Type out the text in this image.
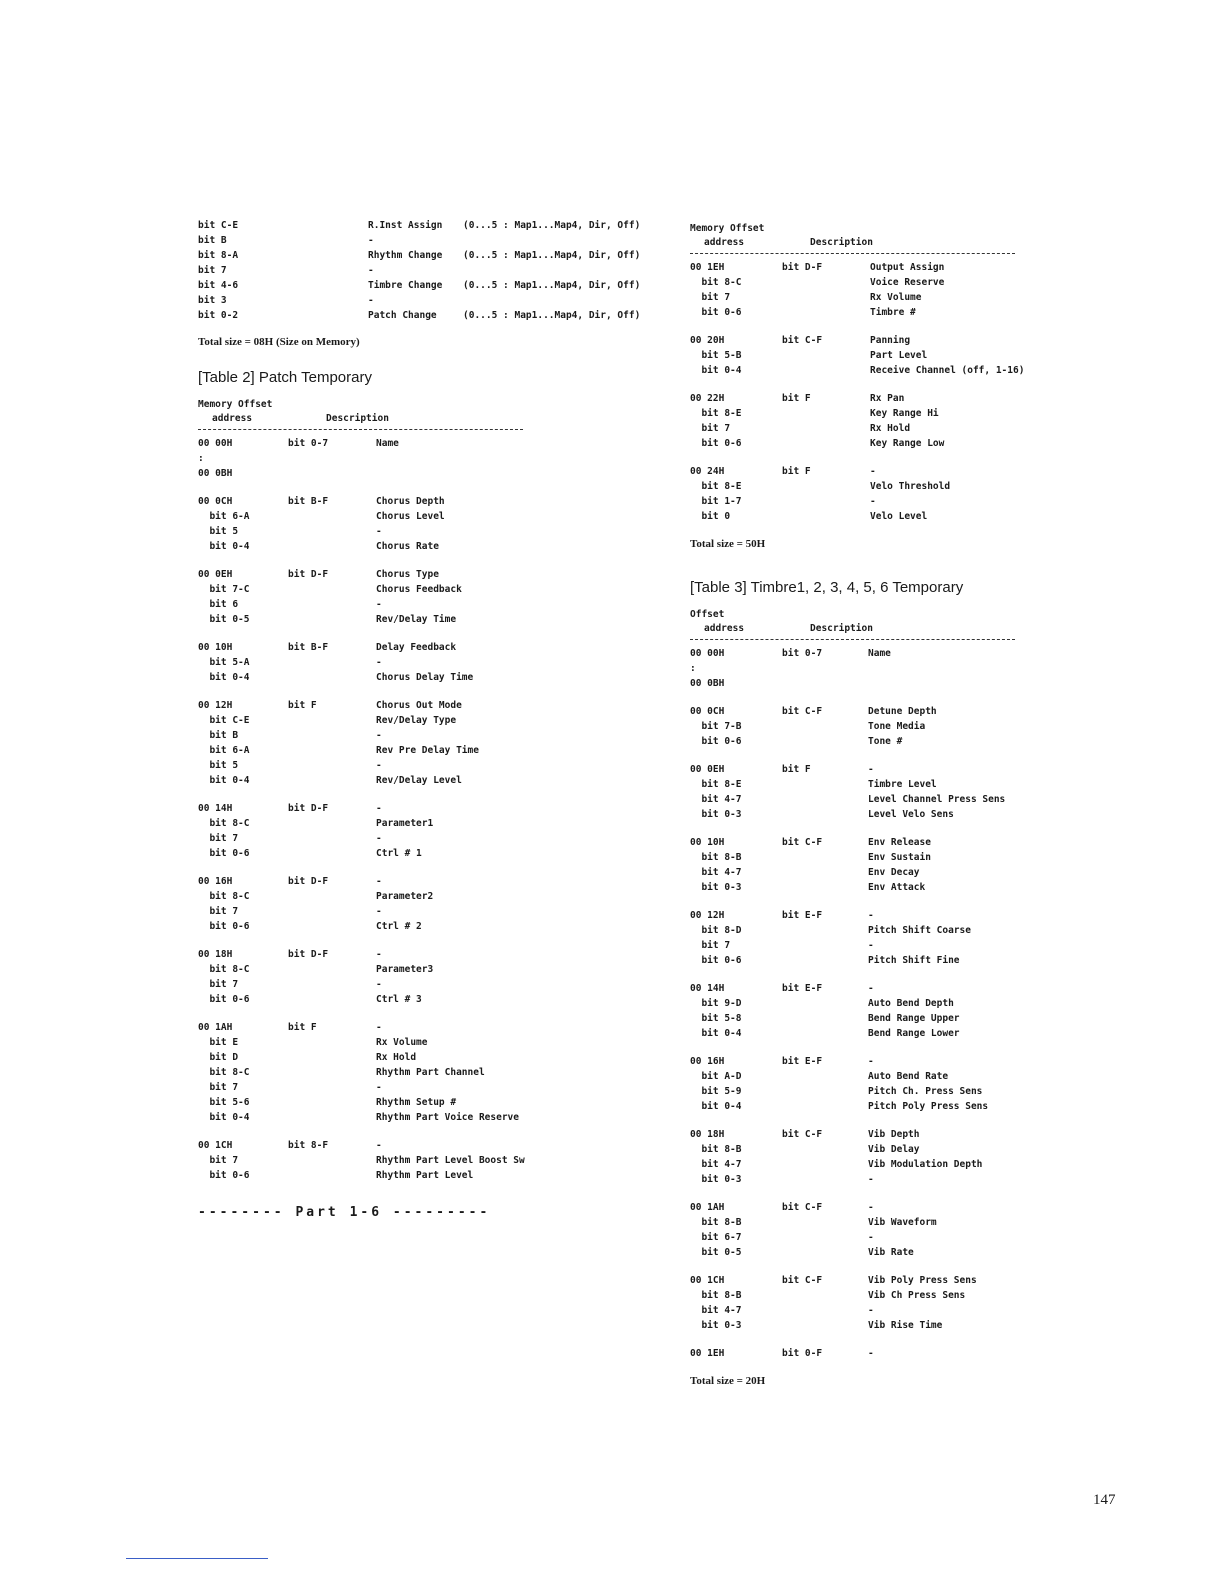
bit C-E	R.Inst Assign	(0...5 : Map1...Map4, Dir, Off)
bit B	-
bit 8-A	Rhythm Change	(0...5 : Map1...Map4, Dir, Off)
bit 7	-
bit 4-6	Timbre Change	(0...5 : Map1...Map4, Dir, Off)
bit 3	-
bit 0-2	Patch Change	(0...5 : Map1...Map4, Dir, Off)
Total size = 08H (Size on Memory)
[Table 2] Patch Temporary
Memory Offset
address	Description
00 00H	bit 0-7	Name
:
00 0BH
00 0CH	bit B-F	Chorus Depth
bit 6-A	Chorus Level
bit 5	-
bit 0-4	Chorus Rate
00 0EH	bit D-F	Chorus Type
bit 7-C	Chorus Feedback
bit 6	-
bit 0-5	Rev/Delay Time
00 10H	bit B-F	Delay Feedback
bit 5-A	-
bit 0-4	Chorus Delay Time
00 12H	bit F	Chorus Out Mode
bit C-E	Rev/Delay Type
bit B	-
bit 6-A	Rev Pre Delay Time
bit 5	-
bit 0-4	Rev/Delay Level
00 14H	bit D-F	-
bit 8-C	Parameter1
bit 7	-
bit 0-6	Ctrl # 1
00 16H	bit D-F	-
bit 8-C	Parameter2
bit 7	-
bit 0-6	Ctrl # 2
00 18H	bit D-F	-
bit 8-C	Parameter3
bit 7	-
bit 0-6	Ctrl # 3
00 1AH	bit F	-
bit E	Rx Volume
bit D	Rx Hold
bit 8-C	Rhythm Part Channel
bit 7	-
bit 5-6	Rhythm Setup #
bit 0-4	Rhythm Part Voice Reserve
00 1CH	bit 8-F	-
bit 7	Rhythm Part Level Boost Sw
bit 0-6	Rhythm Part Level
-------- Part 1-6 ---------
Memory Offset
address	Description
00 1EH	bit D-F	Output Assign
bit 8-C	Voice Reserve
bit 7	Rx Volume
bit 0-6	Timbre #
00 20H	bit C-F	Panning
bit 5-B	Part Level
bit 0-4	Receive Channel (off, 1-16)
00 22H	bit F	Rx Pan
bit 8-E	Key Range Hi
bit 7	Rx Hold
bit 0-6	Key Range Low
00 24H	bit F	-
bit 8-E	Velo Threshold
bit 1-7	-
bit 0	Velo Level
Total size = 50H
[Table 3] Timbre1, 2, 3, 4, 5, 6 Temporary
Offset
address	Description
00 00H	bit 0-7	Name
:
00 0BH
00 0CH	bit C-F	Detune Depth
bit 7-B	Tone Media
bit 0-6	Tone #
00 0EH	bit F	-
bit 8-E	Timbre Level
bit 4-7	Level Channel Press Sens
bit 0-3	Level Velo Sens
00 10H	bit C-F	Env Release
bit 8-B	Env Sustain
bit 4-7	Env Decay
bit 0-3	Env Attack
00 12H	bit E-F	-
bit 8-D	Pitch Shift Coarse
bit 7	-
bit 0-6	Pitch Shift Fine
00 14H	bit E-F	-
bit 9-D	Auto Bend Depth
bit 5-8	Bend Range Upper
bit 0-4	Bend Range Lower
00 16H	bit E-F	-
bit A-D	Auto Bend Rate
bit 5-9	Pitch Ch. Press Sens
bit 0-4	Pitch Poly Press Sens
00 18H	bit C-F	Vib Depth
bit 8-B	Vib Delay
bit 4-7	Vib Modulation Depth
bit 0-3	-
00 1AH	bit C-F	-
bit 8-B	Vib Waveform
bit 6-7	-
bit 0-5	Vib Rate
00 1CH	bit C-F	Vib Poly Press Sens
bit 8-B	Vib Ch Press Sens
bit 4-7	-
bit 0-3	Vib Rise Time
00 1EH	bit 0-F	-
Total size = 20H
147
